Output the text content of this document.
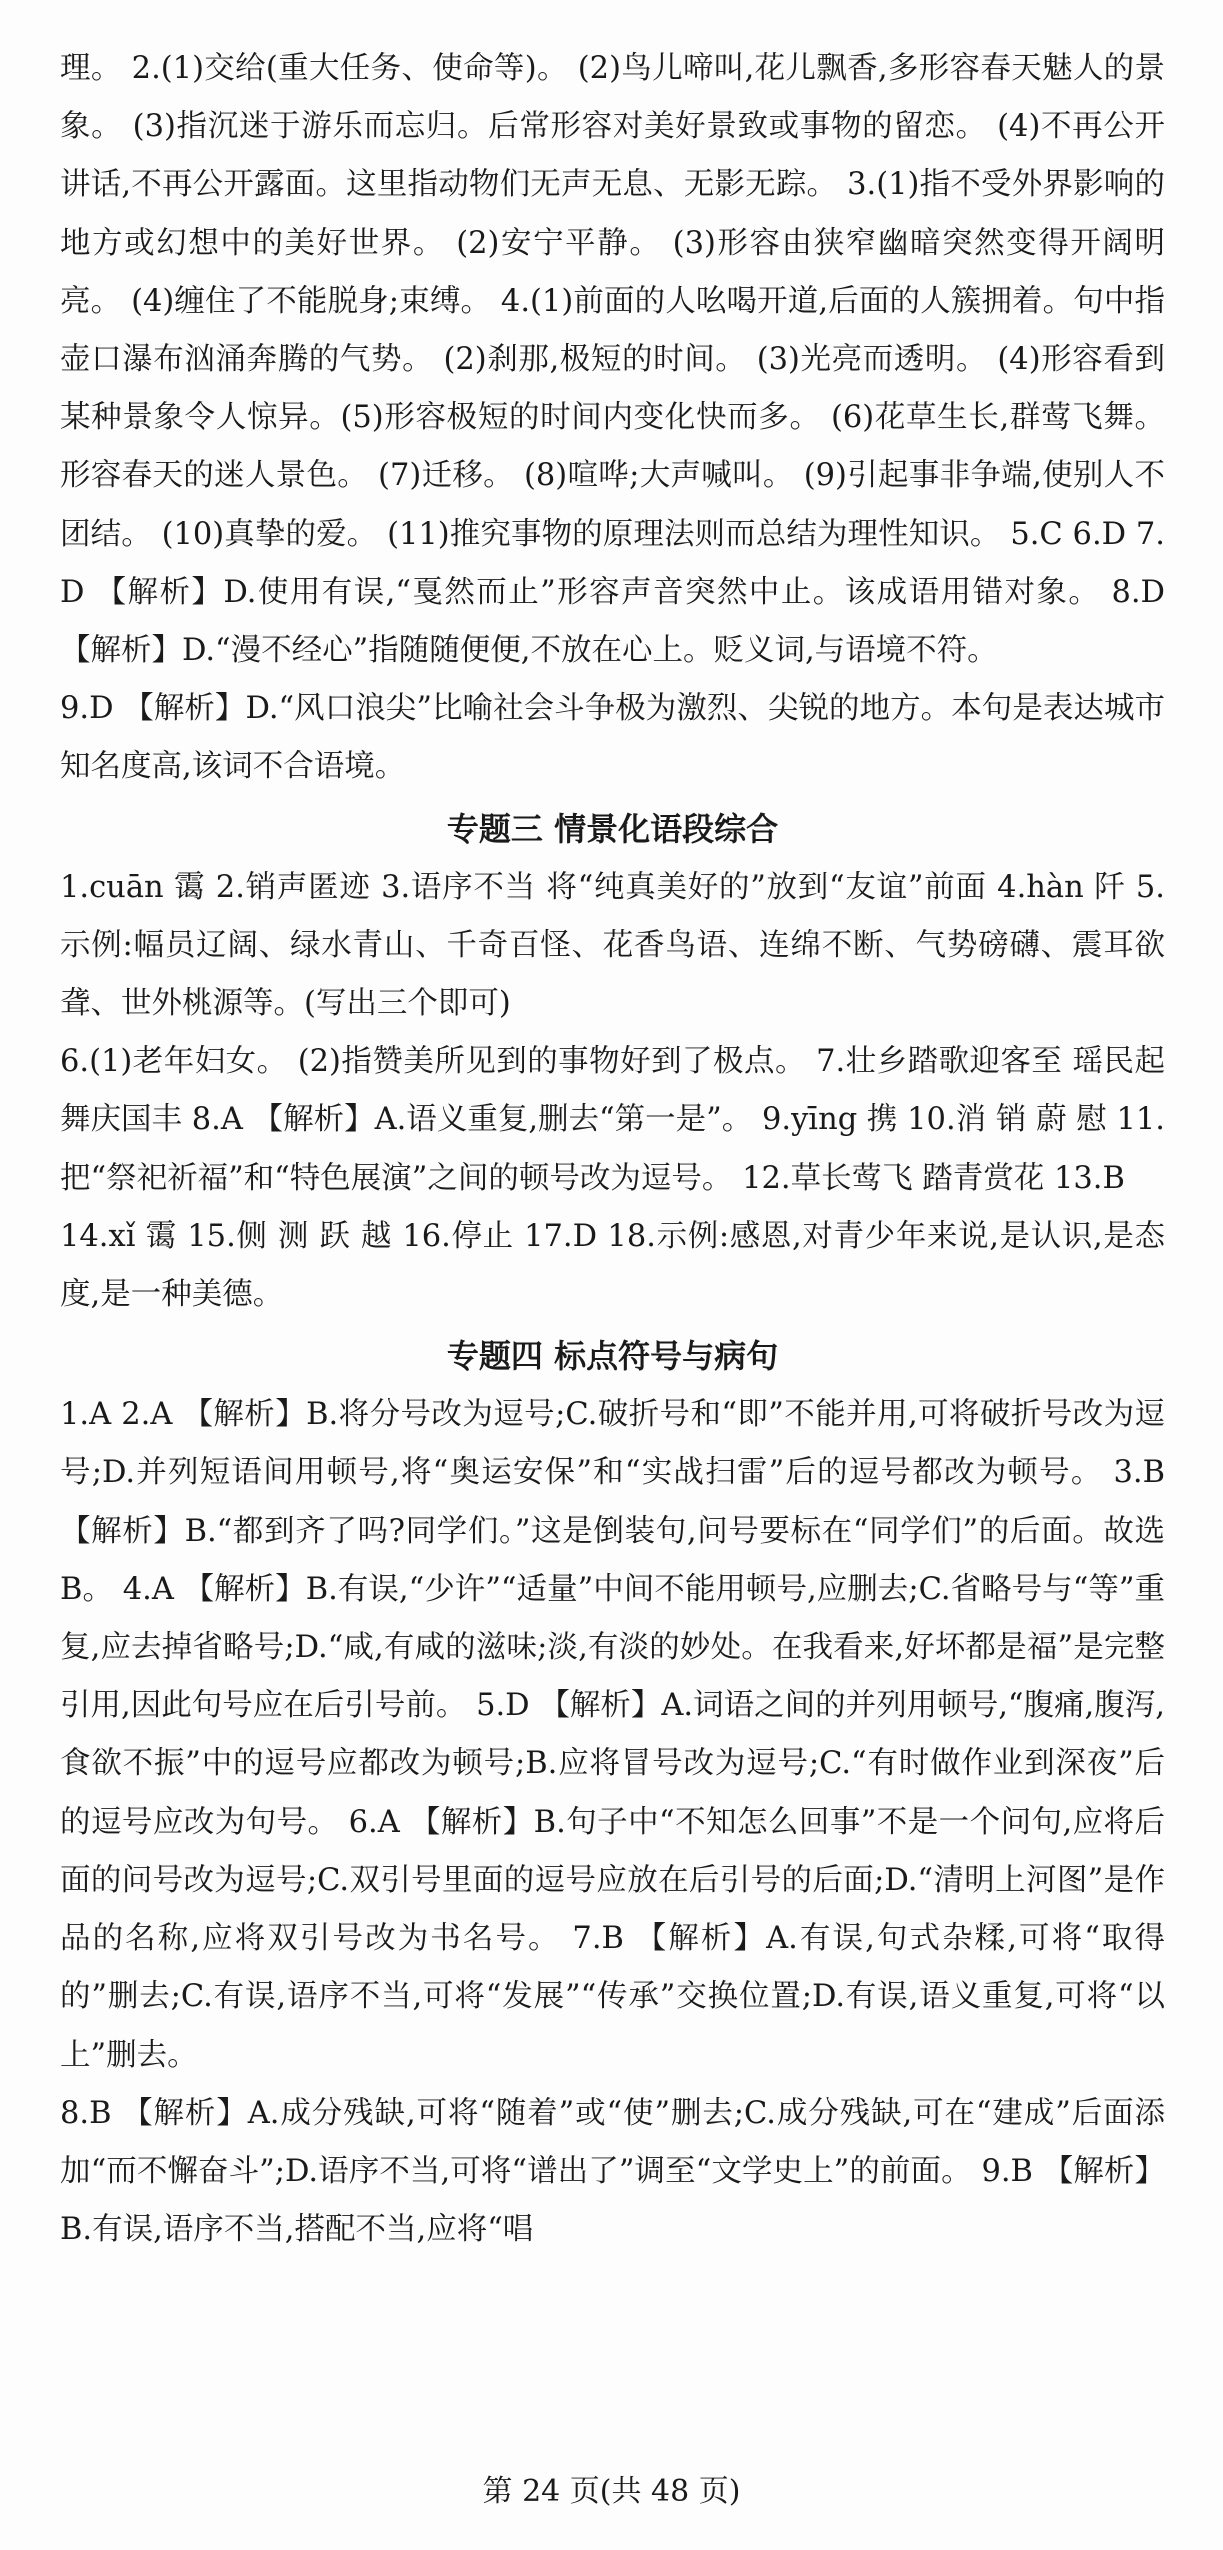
理。 2.(1)交给(重大任务、使命等)。 (2)鸟儿啼叫,花儿飘香,多形容春天魅人的景象。 (3)指沉迷于游乐而忘归。后常形容对美好景致或事物的留恋。 (4)不再公开讲话,不再公开露面。这里指动物们无声无息、无影无踪。 3.(1)指不受外界影响的地方或幻想中的美好世界。 (2)安宁平静。 (3)形容由狭窄幽暗突然变得开阔明亮。 (4)缠住了不能脱身;束缚。 4.(1)前面的人吆喝开道,后面的人簇拥着。句中指壶口瀑布汹涌奔腾的气势。 (2)刹那,极短的时间。 (3)光亮而透明。 (4)形容看到某种景象令人惊异。(5)形容极短的时间内变化快而多。 (6)花草生长,群莺飞舞。形容春天的迷人景色。 (7)迁移。 (8)喧哗;大声喊叫。 (9)引起事非争端,使别人不团结。 (10)真挚的爱。 (11)推究事物的原理法则而总结为理性知识。 5.C 6.D 7.D 【解析】D.使用有误,“戛然而止”形容声音突然中止。该成语用错对象。 8.D 【解析】D.“漫不经心”指随随便便,不放在心上。贬义词,与语境不符。

9.D 【解析】D.“风口浪尖”比喻社会斗争极为激烈、尖锐的地方。本句是表达城市知名度高,该词不合语境。

专题三 情景化语段综合

1.cuān 霭 2.销声匿迹 3.语序不当 将“纯真美好的”放到“友谊”前面 4.hàn 阡 5.示例:幅员辽阔、绿水青山、千奇百怪、花香鸟语、连绵不断、气势磅礴、震耳欲聋、世外桃源等。(写出三个即可)

6.(1)老年妇女。 (2)指赞美所见到的事物好到了极点。 7.壮乡踏歌迎客至 瑶民起舞庆国丰 8.A 【解析】A.语义重复,删去“第一是”。 9.yīng 携 10.消 销 蔚 慰 11.把“祭祀祈福”和“特色展演”之间的顿号改为逗号。 12.草长莺飞 踏青赏花 13.B

14.xǐ 霭 15.侧 测 跃 越 16.停止 17.D 18.示例:感恩,对青少年来说,是认识,是态度,是一种美德。

专题四 标点符号与病句

1.A 2.A 【解析】B.将分号改为逗号;C.破折号和“即”不能并用,可将破折号改为逗号;D.并列短语间用顿号,将“奥运安保”和“实战扫雷”后的逗号都改为顿号。 3.B 【解析】B.“都到齐了吗?同学们。”这是倒装句,问号要标在“同学们”的后面。故选B。 4.A 【解析】B.有误,“少许”“适量”中间不能用顿号,应删去;C.省略号与“等”重复,应去掉省略号;D.“咸,有咸的滋味;淡,有淡的妙处。在我看来,好坏都是福”是完整引用,因此句号应在后引号前。 5.D 【解析】A.词语之间的并列用顿号,“腹痛,腹泻,食欲不振”中的逗号应都改为顿号;B.应将冒号改为逗号;C.“有时做作业到深夜”后的逗号应改为句号。 6.A 【解析】B.句子中“不知怎么回事”不是一个问句,应将后面的问号改为逗号;C.双引号里面的逗号应放在后引号的后面;D.“清明上河图”是作品的名称,应将双引号改为书名号。 7.B 【解析】A.有误,句式杂糅,可将“取得的”删去;C.有误,语序不当,可将“发展”“传承”交换位置;D.有误,语义重复,可将“以上”删去。

8.B 【解析】A.成分残缺,可将“随着”或“使”删去;C.成分残缺,可在“建成”后面添加“而不懈奋斗”;D.语序不当,可将“谱出了”调至“文学史上”的前面。 9.B 【解析】B.有误,语序不当,搭配不当,应将“唱

第 24 页(共 48 页)
